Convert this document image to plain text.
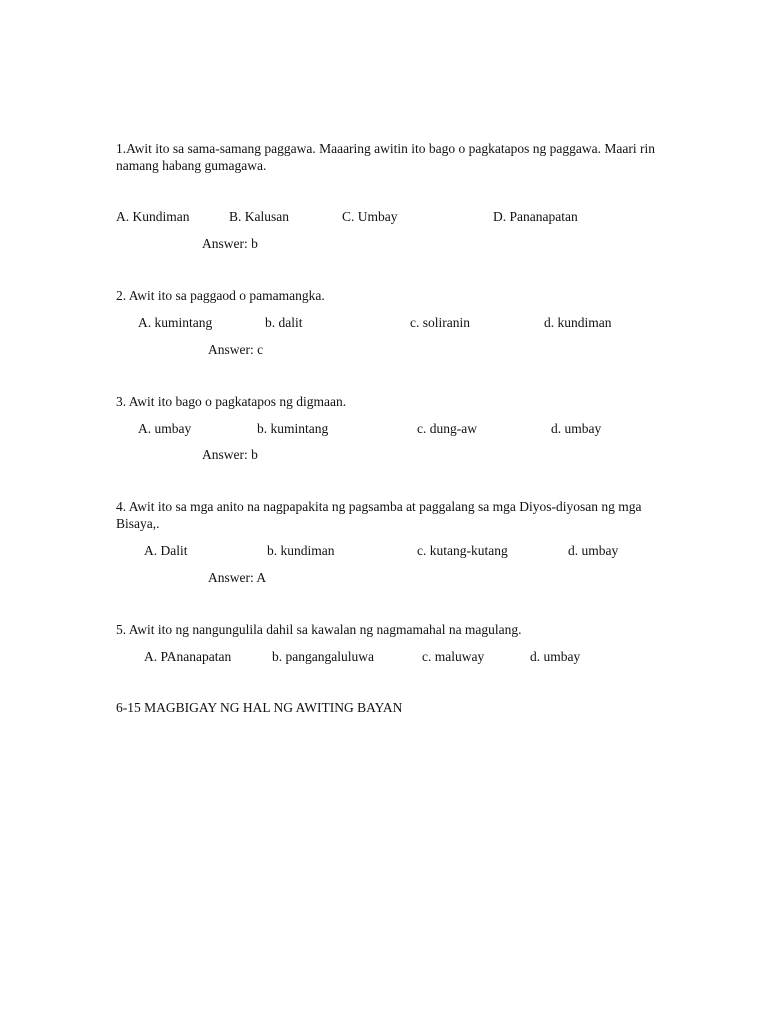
1.Awit ito sa sama-samang paggawa. Maaaring awitin ito bago o pagkatapos ng paggawa. Maari rin namang habang gumagawa.
A. Kundiman	B. Kalusan	C. Umbay	D. Pananapatan
Answer: b
2. Awit ito sa paggaod o pamamangka.
A. kumintang	b. dalit	c. soliranin	d. kundiman
Answer: c
3. Awit ito bago o pagkatapos ng digmaan.
A. umbay	b. kumintang	c. dung-aw	d. umbay
Answer: b
4. Awit ito sa mga anito na nagpapakita ng pagsamba at paggalang sa mga Diyos-diyosan ng mga Bisaya,.
A. Dalit	b. kundiman	c. kutang-kutang	d. umbay
Answer: A
5. Awit ito ng nangungulila dahil sa kawalan ng nagmamahal na magulang.
A. PAnanapatan	b. pangangaluluwa	c. maluway	d. umbay
6-15 MAGBIGAY NG HAL NG AWITING BAYAN
